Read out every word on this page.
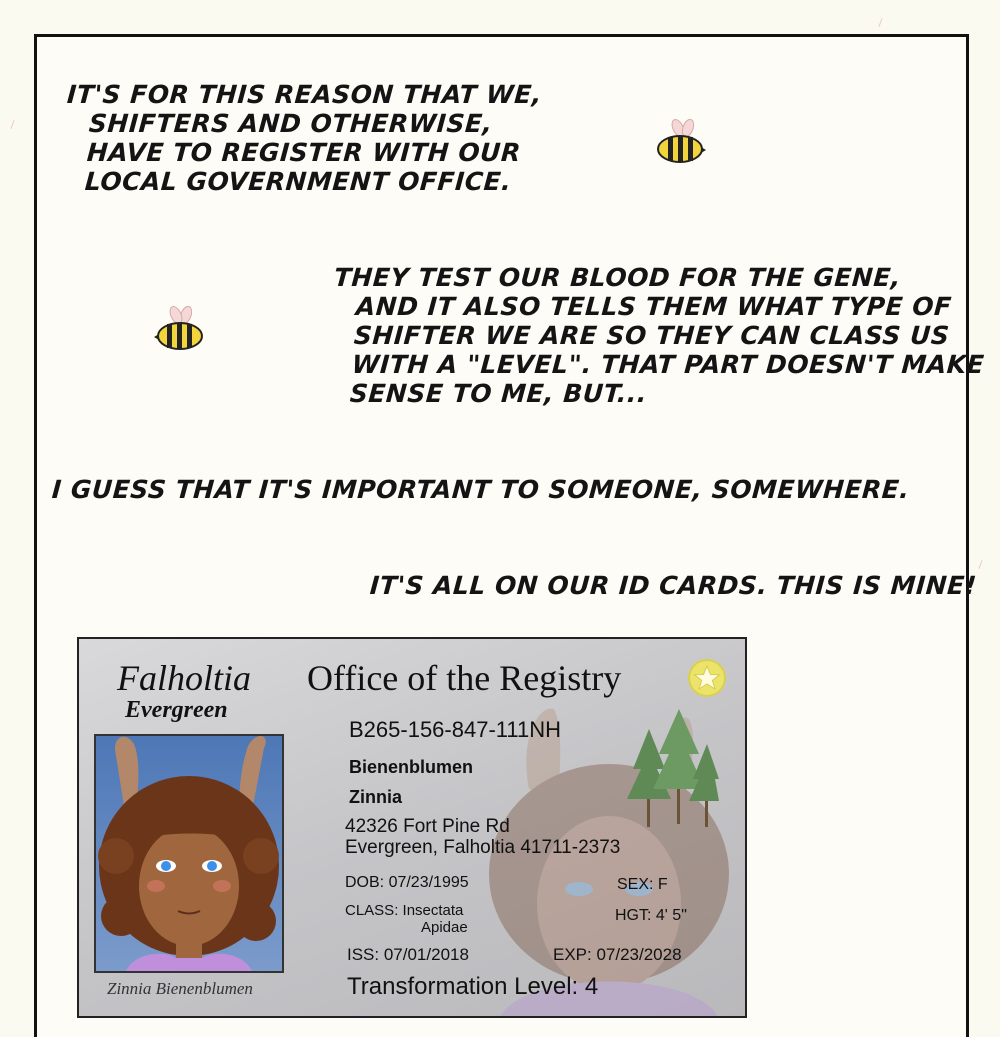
IT'S FOR THIS REASON THAT WE,
SHIFTERS AND OTHERWISE,
HAVE TO REGISTER WITH OUR
LOCAL GOVERNMENT OFFICE.

THEY TEST OUR BLOOD FOR THE GENE,
AND IT ALSO TELLS THEM WHAT TYPE OF
SHIFTER WE ARE SO THEY CAN CLASS US
WITH A "LEVEL". THAT PART DOESN'T MAKE
SENSE TO ME, BUT...

I GUESS THAT IT'S IMPORTANT TO SOMEONE, SOMEWHERE.

IT'S ALL ON OUR ID CARDS. THIS IS MINE!

Falholtia
Evergreen
Office of the Registry
Zinnia Bienenblumen
B265-156-847-111NH
Bienenblumen
Zinnia
42326 Fort Pine Rd
Evergreen, Falholtia 41711-2373
DOB: 07/23/1995	SEX: F
CLASS: Insectata
Apidae
HGT: 4' 5"
ISS: 07/01/2018	EXP: 07/23/2028
Transformation Level: 4
